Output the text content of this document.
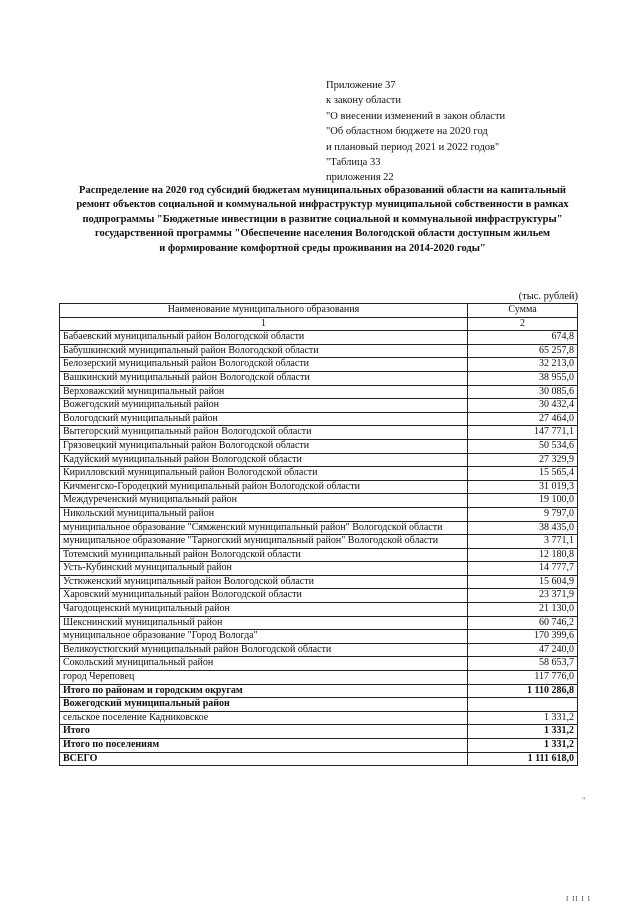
Приложение 37
к закону области
"О внесении изменений в закон области
"Об областном бюджете на 2020 год
и плановый период 2021 и 2022 годов"
"Таблица 33
приложения 22
Распределение на 2020 год субсидий бюджетам муниципальных образований области на капитальный
ремонт объектов социальной и коммунальной инфраструктур муниципальной собственности в рамках
подпрограммы "Бюджетные инвестиции в развитие социальной и коммунальной инфраструктуры"
государственной программы "Обеспечение населения Вологодской области доступным жильем
и формирование комфортной среды проживания на 2014-2020 годы"
(тыс. рублей)
Наименование муниципального образования	Сумма
1	2
Бабаевский муниципальный район Вологодской области	674,8
Бабушкинский муниципальный район Вологодской области	65 257,8
Белозерский муниципальный район Вологодской области	32 213,0
Вашкинский муниципальный район Вологодской области	38 955,0
Верховажский муниципальный район	30 085,6
Вожегодский муниципальный район	30 432,4
Вологодский муниципальный район	27 464,0
Вытегорский муниципальный район Вологодской области	147 771,1
Грязовецкий муниципальный район Вологодской области	50 534,6
Кадуйский муниципальный район Вологодской области	27 329,9
Кирилловский муниципальный район Вологодской области	15 565,4
Кичменгско-Городецкий муниципальный район Вологодской области	31 019,3
Междуреченский муниципальный район	19 100,0
Никольский муниципальный район	9 797,0
муниципальное образование "Сямженский муниципальный район" Вологодской области	38 435,0
муниципальное образование "Тарногский муниципальный район" Вологодской области	3 771,1
Тотемский муниципальный район Вологодской области	12 180,8
Усть-Кубинский муниципальный район	14 777,7
Устюженский муниципальный район Вологодской области	15 604,9
Харовский муниципальный район Вологодской области	23 371,9
Чагодощенский муниципальный район	21 130,0
Шекснинский муниципальный район	60 746,2
муниципальное образование "Город Вологда"	170 399,6
Великоустюгский муниципальный район Вологодской области	47 240,0
Сокольский муниципальный район	58 653,7
город Череповец	117 776,0
Итого по районам и городским округам	1 110 286,8
Вожегодский муниципальный район	
сельское поселение Кадниковское	1 331,2
Итого	1 331,2
Итого по поселениям	1 331,2
ВСЕГО	1 111 618,0
"
I II I I
